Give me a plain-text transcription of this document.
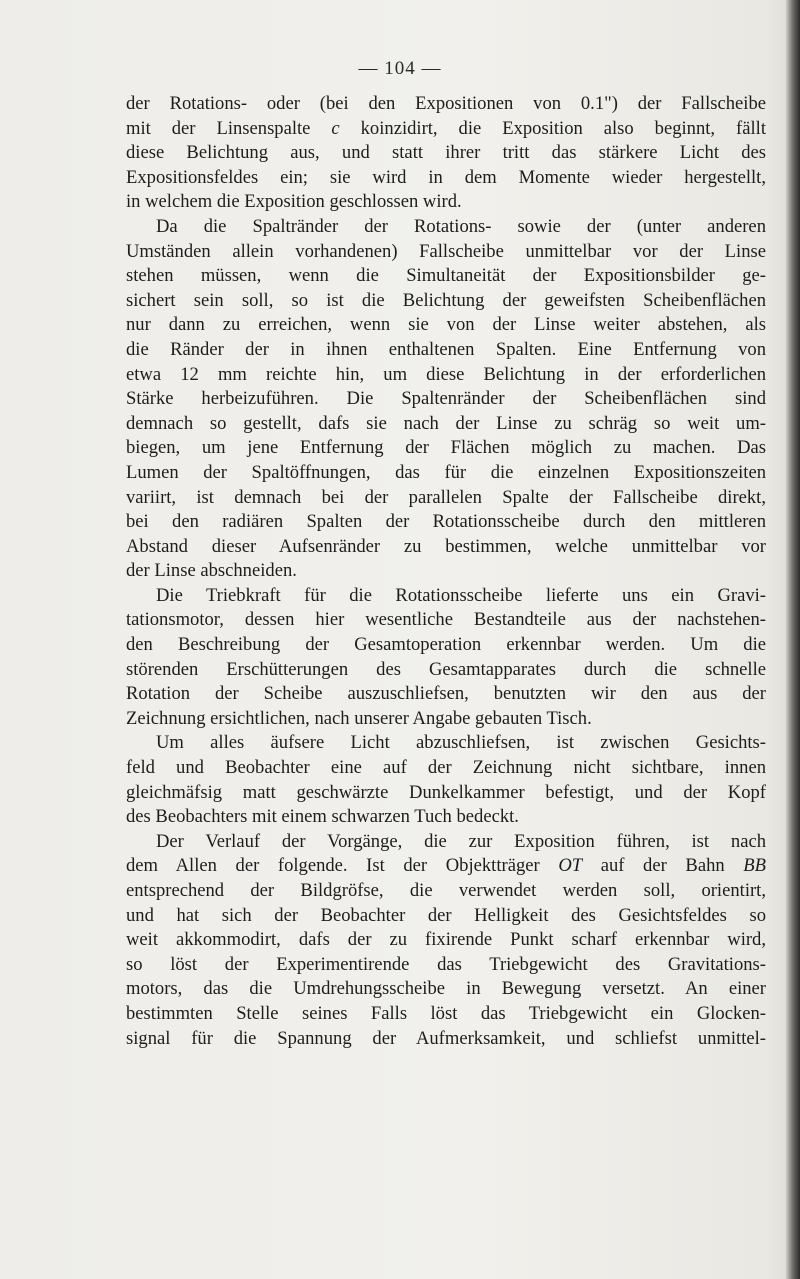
— 104 —

der Rotations- oder (bei den Expositionen von 0.1") der Fallscheibe
mit der Linsenspalte c koinzidirt, die Exposition also beginnt, fällt
diese Belichtung aus, und statt ihrer tritt das stärkere Licht des
Expositionsfeldes ein; sie wird in dem Momente wieder hergestellt,
in welchem die Exposition geschlossen wird.

Da die Spaltränder der Rotations- sowie der (unter anderen
Umständen allein vorhandenen) Fallscheibe unmittelbar vor der Linse
stehen müssen, wenn die Simultaneität der Expositionsbilder ge-
sichert sein soll, so ist die Belichtung der geweifsten Scheibenflächen
nur dann zu erreichen, wenn sie von der Linse weiter abstehen, als
die Ränder der in ihnen enthaltenen Spalten. Eine Entfernung von
etwa 12 mm reichte hin, um diese Belichtung in der erforderlichen
Stärke herbeizuführen. Die Spaltenränder der Scheibenflächen sind
demnach so gestellt, dafs sie nach der Linse zu schräg so weit um-
biegen, um jene Entfernung der Flächen möglich zu machen. Das
Lumen der Spaltöffnungen, das für die einzelnen Expositionszeiten
variirt, ist demnach bei der parallelen Spalte der Fallscheibe direkt,
bei den radiären Spalten der Rotationsscheibe durch den mittleren
Abstand dieser Aufsenränder zu bestimmen, welche unmittelbar vor
der Linse abschneiden.

Die Triebkraft für die Rotationsscheibe lieferte uns ein Gravi-
tationsmotor, dessen hier wesentliche Bestandteile aus der nachstehen-
den Beschreibung der Gesamtoperation erkennbar werden. Um die
störenden Erschütterungen des Gesamtapparates durch die schnelle
Rotation der Scheibe auszuschliefsen, benutzten wir den aus der
Zeichnung ersichtlichen, nach unserer Angabe gebauten Tisch.

Um alles äufsere Licht abzuschliefsen, ist zwischen Gesichts-
feld und Beobachter eine auf der Zeichnung nicht sichtbare, innen
gleichmäfsig matt geschwärzte Dunkelkammer befestigt, und der Kopf
des Beobachters mit einem schwarzen Tuch bedeckt.

Der Verlauf der Vorgänge, die zur Exposition führen, ist nach
dem Allen der folgende. Ist der Objektträger OT auf der Bahn BB
entsprechend der Bildgröfse, die verwendet werden soll, orientirt,
und hat sich der Beobachter der Helligkeit des Gesichtsfeldes so
weit akkommodirt, dafs der zu fixirende Punkt scharf erkennbar wird,
so löst der Experimentirende das Triebgewicht des Gravitations-
motors, das die Umdrehungsscheibe in Bewegung versetzt. An einer
bestimmten Stelle seines Falls löst das Triebgewicht ein Glocken-
signal für die Spannung der Aufmerksamkeit, und schliefst unmittel-
